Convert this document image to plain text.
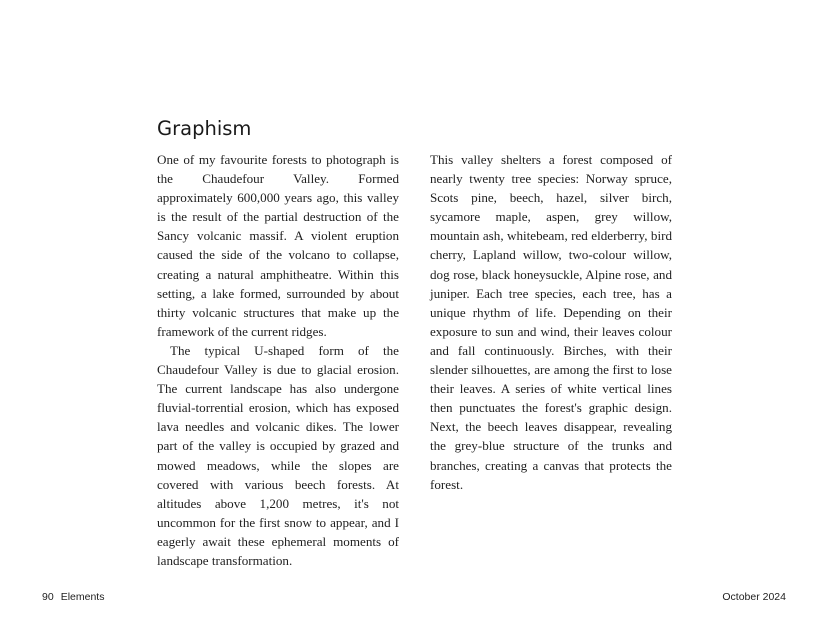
Graphism

One of my favourite forests to photograph is the Chaudefour Valley. Formed approximately 600,000 years ago, this valley is the result of the partial destruction of the Sancy volcanic massif. A violent eruption caused the side of the volcano to collapse, creating a natural amphitheatre. Within this setting, a lake formed, surrounded by about thirty volcanic structures that make up the framework of the current ridges.

The typical U-shaped form of the Chaudefour Valley is due to glacial erosion. The current landscape has also undergone fluvial-torrential erosion, which has exposed lava needles and volcanic dikes. The lower part of the valley is occupied by grazed and mowed meadows, while the slopes are covered with various beech forests. At altitudes above 1,200 metres, it's not uncommon for the first snow to appear, and I eagerly await these ephemeral moments of landscape transformation.

This valley shelters a forest composed of nearly twenty tree species: Norway spruce, Scots pine, beech, hazel, silver birch, sycamore maple, aspen, grey willow, mountain ash, whitebeam, red elderberry, bird cherry, Lapland willow, two-colour willow, dog rose, black honeysuckle, Alpine rose, and juniper. Each tree species, each tree, has a unique rhythm of life. Depending on their exposure to sun and wind, their leaves colour and fall continuously. Birches, with their slender silhouettes, are among the first to lose their leaves. A series of white vertical lines then punctuates the forest's graphic design. Next, the beech leaves disappear, revealing the grey-blue structure of the trunks and branches, creating a canvas that protects the forest.

90 Elements	October 2024
